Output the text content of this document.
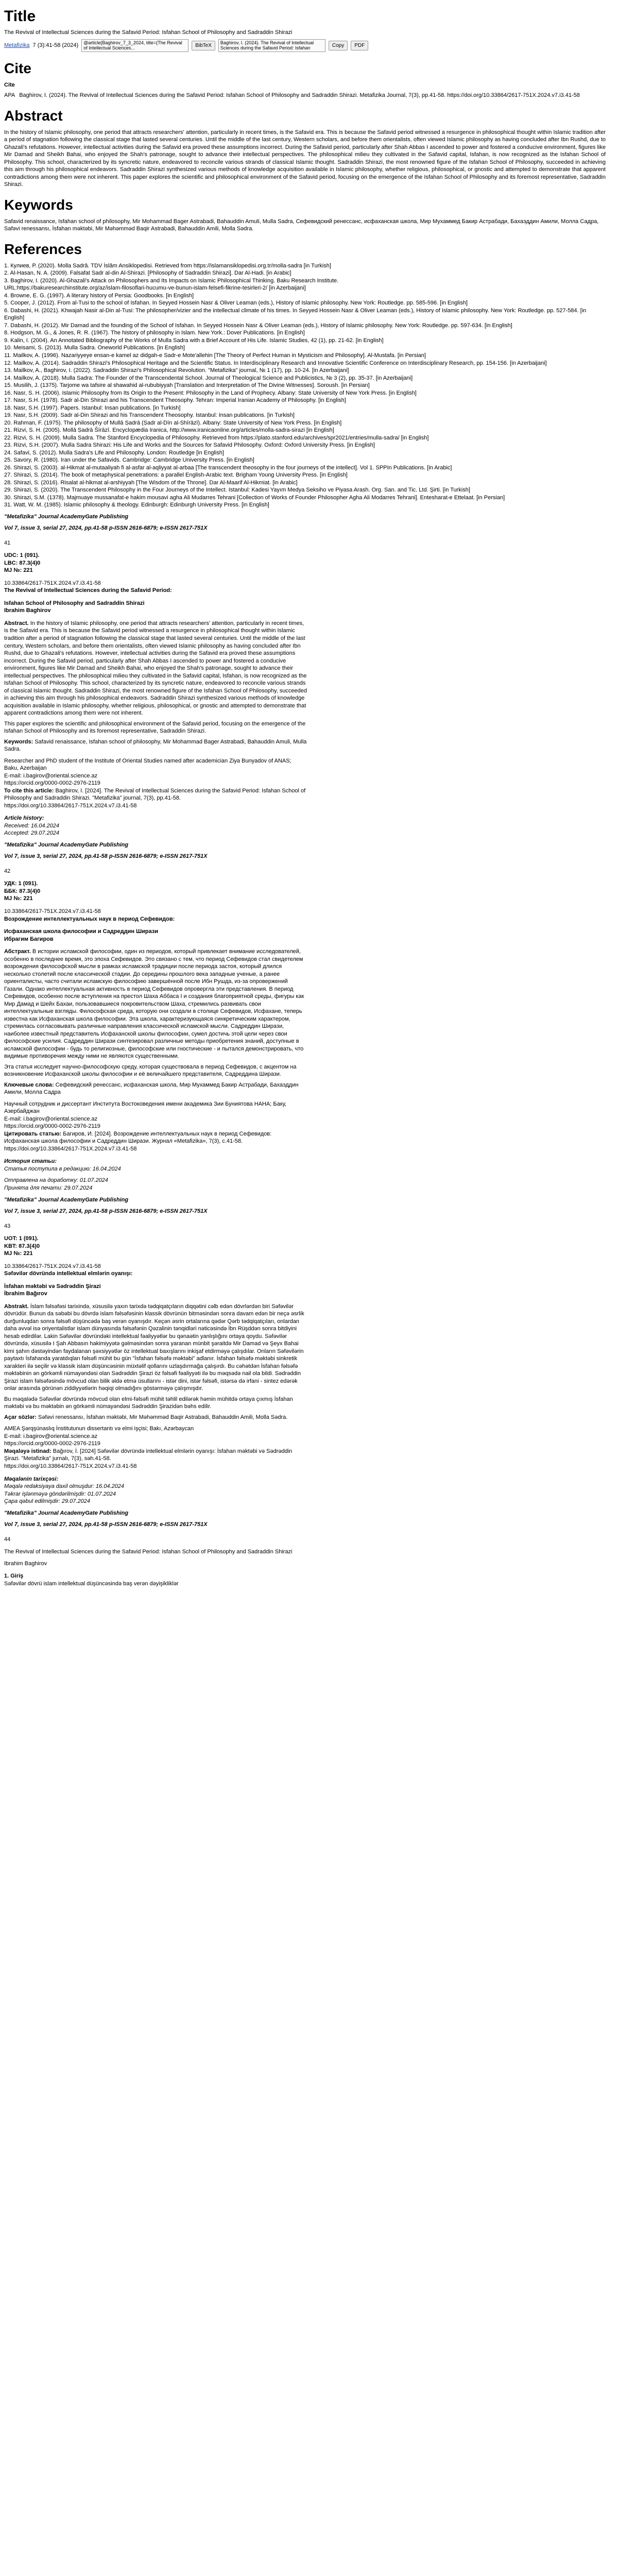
Title
The Revival of Intellectual Sciences during the Safavid Period: Isfahan School of Philosophy and Sadraddin Shirazi
Metafizika 7 (3):41-58 (2024)	@article{Baghirov_7_3_2024, title={The Revival of Intellectual Sciences...	BibTeX	Baghirov, I. (2024). The Revival of Intellectual Sciences during the Safavid Period: Isfahan	Copy	PDF
Cite
Cite
APA Baghirov, I. (2024). The Revival of Intellectual Sciences during the Safavid Period: Isfahan School of Philosophy and Sadraddin Shirazi. Metafizika Journal, 7(3), pp.41-58. https://doi.org/10.33864/2617-751X.2024.v7.i3.41-58
Abstract

In the history of Islamic philosophy, one period that attracts researchers' attention, particularly in recent times, is the Safavid era. This is because the Safavid period witnessed a resurgence in philosophical thought within Islamic tradition after a period of stagnation following the classical stage that lasted several centuries. Until the middle of the last century, Western scholars, and before them orientalists, often viewed Islamic philosophy as having concluded after Ibn Rushd, due to Ghazali's refutations. However, intellectual activities during the Safavid era proved these assumptions incorrect. During the Safavid period, particularly after Shah Abbas I ascended to power and fostered a conducive environment, figures like Mir Damad and Sheikh Bahai, who enjoyed the Shah's patronage, sought to advance their intellectual perspectives. The philosophical milieu they cultivated in the Safavid capital, Isfahan, is now recognized as the Isfahan School of Philosophy. This school, characterized by its syncretic nature, endeavored to reconcile various strands of classical Islamic thought. Sadraddin Shirazi, the most renowned figure of the Isfahan School of Philosophy, succeeded in achieving this aim through his philosophical endeavors. Sadraddin Shirazi synthesized various methods of knowledge acquisition available in Islamic philosophy, whether religious, philosophical, or gnostic and attempted to demonstrate that apparent contradictions among them were not inherent. This paper explores the scientific and philosophical environment of the Safavid period, focusing on the emergence of the Isfahan School of Philosophy and its foremost representative, Sadraddin Shirazi.

Keywords

Safavid renaissance, Isfahan school of philosophy, Mir Mohammad Bager Astrabadi, Bahauddin Amuli, Mulla Sadra, Сефевидский ренессанс, исфаханская школа, Мир Мухаммед Бакир Астрабади, Бахаэддин Амили, Молла Садра, Safəvi renessansı, İsfahan məktəbi, Mir Məhəmməd Baqir Astrabadi, Bahauddin Amili, Molla Sədra.

References
1. Кулиев, Р. (2020). Molla Sadrâ. TDV İslâm Ansiklopedisi. Retrieved from https://islamansiklopedisi.org.tr/molla-sadra [in Turkish]
2. Al-Hasan, N. A. (2009). Falsafat Sadr al-din Al-Shirazi. [Philosophy of Sadraddin Shirazi]. Dar Al-Hadi. [in Arabic]
3. Baghirov, I. (2020). Al-Ghazali's Attack on Philosophers and Its Impacts on Islamic Philosophical Thinking. Baku Research Institute.
URL:https://bakuresearchinstitute.org/az/islam-filosoflari-hucumu-ve-bunun-islam-felsefi-fikrine-tesirleri-2/ [in Azerbaijani]
4. Browne, E. G. (1997). A literary history of Persia: Goodbooks. [in English]
5. Cooper, J. (2012). From al-Tusi to the school of Isfahan. In Seyyed Hossein Nasr & Oliver Leaman (eds.), History of Islamic philosophy. New York: Routledge. pp. 585-596. [in English]
6. Dabashi, H. (2021). Khwajah Nasir al-Din al-Tusi: The philosopher/vizier and the intellectual climate of his times. In Seyyed Hossein Nasr & Oliver Leaman (eds.), History of Islamic philosophy. New York: Routledge. pp. 527-584. [in English]
7. Dabashi, H. (2012). Mir Damad and the founding of the School of Isfahan. In Seyyed Hossein Nasr & Oliver Leaman (eds.), History of Islamic philosophy. New York: Routledge. pp. 597-634. [in English]
8. Hodgson, M. G., & Jones, R. R. (1967). The history of philosophy in Islam. New York.: Dover Publications. [in English]
9. Kalin, I. (2004). An Annotated Bibliography of the Works of Mulla Sadra with a Brief Account of His Life. Islamic Studies, 42 (1), pp. 21-62. [in English]
10. Meisami, S. (2013). Mulla Sadra. Oneworld Publications. [in English]
11. Mailkov, A. (1996). Nazariyyeye ensan-e kamel az didgah-e Sadr-e Mote'allehin [The Theory of Perfect Human in Mysticism and Philosophy]. Al-Mustafa. [in Persian]
12. Mailkov, A. (2014). Sadraddin Shirazi's Philosophical Heritage and the Scientific Status. In Interdisciplinary Research and Innovative Scientific Conference on Interdisciplinary Research, pp. 154-156. [in Azerbaijani]
13. Mailkov, A., Baghirov, I. (2022). Sadraddin Shirazi's Philosophical Revolution. "Metafizika" journal, № 1 (17), pp. 10-24. [in Azerbaijani]
14. Mailkov, A. (2018). Mulla Sadra: The Founder of the Transcendental School. Journal of Theological Science and Publicistics, № 3 (2), pp. 35-37. [in Azerbaijani]
15. Musilih, J. (1375). Tarjome wa tafsire al shawahid al-rububiyyah [Translation and Interpretation of The Divine Witnesses]. Soroush. [in Persian]
16. Nasr, S. H. (2006). Islamic Philosophy from Its Origin to the Present: Philosophy in the Land of Prophecy. Albany: State University of New York Press. [in English]
17. Nasr, S.H. (1978). Sadr al-Din Shirazi and his Transcendent Theosophy. Tehran: Imperial Iranian Academy of Philosophy. [in English]
18. Nasr, S.H. (1997). Papers. Istanbul: Insan publications. [in Turkish]
19. Nasr, S.H. (2009). Sadr al-Din Shirazi and his Transcendent Theosophy. Istanbul: Insan publications. [in Turkish]
20. Rahman, F. (1975). The philosophy of Mullā Ṣadrā (Ṣadr al-Dīn al-Shīrāzī). Albany: State University of New York Press. [in English]
21. Rizvi, S. H. (2005). Mollā Ṣadrā Šīrāzī. Encyclopædia Iranica, http://www.iranicaonline.org/articles/molla-sadra-sirazi [in English]
22. Rizvi, S. H. (2009). Mulla Sadra. The Stanford Encyclopedia of Philosophy. Retrieved from https://plato.stanford.edu/archives/spr2021/entries/mulla-sadra/ [in English]
23. Rizvi, S.H. (2007). Mulla Sadra Shirazi: His Life and Works and the Sources for Safavid Philosophy. Oxford: Oxford University Press. [in English]
24. Safavi, S. (2012). Mulla Sadra's Life and Philosophy. London: Routledge [in English]
25. Savory, R. (1980). Iran under the Safavids. Cambridge: Cambridge University Press. [in English]
26. Shirazi, S. (2003). al-Hikmat al-mutaaliyah fi al-asfar al-aqliyyat al-arbaa [The transcendent theosophy in the four journeys of the intellect]. Vol 1. SPPIn Publications. [in Arabic]
27. Shirazi, S. (2014). The book of metaphysical penetrations: a parallel English-Arabic text. Brigham Young University Press. [in English]
28. Shirazi, S. (2016). Risalat al-hikmat al-arshiyyah [The Wisdom of the Throne]. Dar Al-Maarif Al-Hikmiat. [in Arabic]
29. Shirazi, S. (2020). The Transcendent Philosophy in the Four Journeys of the Intellect. Istanbul: Kadesi Yayım Medya Seksiho ve Piyasa Arash. Org. San. and Tic. Ltd. Şirti. [in Turkish]
30. Shirazi, S.M. (1378). Majmuaye mussanafat-e hakim mousavi agha Ali Mudarres Tehrani [Collection of Works of Founder Philosopher Agha Ali Modarres Tehrani]. Entesharat-e Ettelaat. [in Persian]
31. Watt, W. M. (1985). Islamic philosophy & theology. Edinburgh: Edinburgh University Press. [in English]
"Metafizika" Journal AcademyGate Publishing
Vol 7, issue 3, serial 27, 2024, pp.41-58 p-ISSN 2616-6879; e-ISSN 2617-751X
41
UDC: 1 (091).
LBC: 87.3(4)0
MJ №: 221
10.33864/2617-751X.2024.v7.i3.41-58
The Revival of Intellectual Sciences during the Safavid Period:
Isfahan School of Philosophy and Sadraddin Shirazi
Ibrahim Baghirov

Abstract. In the history of Islamic philosophy, one period that attracts researchers' attention, particularly in recent times, is the Safavid era. This is because the Safavid period witnessed a resurgence in philosophical thought within Islamic tradition after a period of stagnation following the classical stage that lasted several centuries. Until the middle of the last century, Western scholars, and before them orientalists, often viewed Islamic philosophy as having concluded after Ibn Rushd, due to Ghazali's refutations. However, intellectual activities during the Safavid era proved these assumptions incorrect. During the Safavid period, particularly after Shah Abbas I ascended to power and fostered a conducive environment, figures like Mir Damad and Sheikh Bahai, who enjoyed the Shah's patronage, sought to advance their intellectual perspectives. The philosophical milieu they cultivated in the Safavid capital, Isfahan, is now recognized as the Isfahan School of Philosophy. This school, characterized by its syncretic nature, endeavored to reconcile various strands of classical Islamic thought. Sadraddin Shirazi, the most renowned figure of the Isfahan School of Philosophy, succeeded in achieving this aim through his philosophical endeavors. Sadraddin Shirazi synthesized various methods of knowledge acquisition available in Islamic philosophy, whether religious, philosophical, or gnostic and attempted to demonstrate that apparent contradictions among them were not inherent.

This paper explores the scientific and philosophical environment of the Safavid period, focusing on the emergence of the Isfahan School of Philosophy and its foremost representative, Sadraddin Shirazi.

Keywords: Safavid renaissance, Isfahan school of philosophy, Mir Mohammad Bager Astrabadi, Bahauddin Amuli, Mulla Sadra.

Researcher and PhD student of the Institute of Oriental Studies named after academician Ziya Bunyadov of ANAS;
Baku, Azerbaijan
E-mail: i.bagirov@oriental.science.az
https://orcid.org/0000-0002-2976-2119
To cite this article: Baghirov, I. [2024]. The Revival of Intellectual Sciences during the Safavid Period: Isfahan School of Philosophy and Sadraddin Shirazi. "Metafizika" journal, 7(3), pp.41-58.
https://doi.org/10.33864/2617-751X.2024.v7.i3.41-58
Article history:
Received: 16.04.2024
Accepted: 29.07.2024
"Metafizika" Journal AcademyGate Publishing
Vol 7, issue 3, serial 27, 2024, pp.41-58 p-ISSN 2616-6879; e-ISSN 2617-751X
42
УДК: 1 (091).
ББК: 87.3(4)0
MJ №: 221
10.33864/2617-751X.2024.v7.i3.41-58
Возрождение интеллектуальных наук в период Сефевидов:
Исфаханская школа философии и Садреддин Ширази
Ибрагим Багиров

Абстракт. В истории исламской философии, один из периодов, который привлекает внимание исследователей, особенно в последнее время, это эпоха Сефевидов. Это связано с тем, что период Сефевидов стал свидетелем возрождения философской мысли в рамках исламской традиции после периода застоя, который длился несколько столетий после классической стадии. До середины прошлого века западные ученые, а ранее ориенталисты, часто считали исламскую философию завершённой после Ибн Рушда, из-за опровержений Газали. Однако интеллектуальная активность в период Сефевидов опровергла эти представления. В период Сефевидов, особенно после вступления на престол Шаха Аббаса I и создания благоприятной среды, фигуры как Мир Дамад и Шейх Бахаи, пользовавшиеся покровительством Шаха, стремились развивать свои интеллектуальные взгляды. Философская среда, которую они создали в столице Сефевидов, Исфахане, теперь известна как Исфаханская школа философии. Эта школа, характеризующаяся синкретическим характером, стремилась согласовывать различные направления классической исламской мысли. Садреддин Ширази, наиболее известный представитель Исфаханской школы философии, сумел достичь этой цели через свои философские усилия. Садреддин Ширази синтезировал различные методы приобретения знаний, доступные в исламской философии - будь то религиозные, философские или гностические - и пытался демонстрировать, что видимые противоречия между ними не являются существенными.

Эта статья исследует научно-философскую среду, которая существовала в период Сефевидов, с акцентом на возникновение Исфаханской школы философии и её величайшего представителя, Садреддина Ширази.

Ключевые слова: Сефевидский ренессанс, исфаханская школа, Мир Мухаммед Бакир Астрабади, Бахаэддин Амили, Молла Садра

Научный сотрудник и диссертант Института Востоковедения имени академика Зии Буниятова НАНА; Баку, Азербайджан
E-mail: i.bagirov@oriental.science.az
https://orcid.org/0000-0002-2976-2119
Цитировать статью: Багиров, И. [2024]. Возрождение интеллектуальных наук в период Сефевидов: Исфаханская школа философии и Садреддин Ширази. Журнал «Metafizika», 7(3), с.41-58.
https://doi.org/10.33864/2617-751X.2024.v7.i3.41-58
История статьи:
Статья поступила в редакцию: 16.04.2024
Отправлена на доработку: 01.07.2024
Принята для печати: 29.07.2024
"Metafizika" Journal AcademyGate Publishing
Vol 7, issue 3, serial 27, 2024, pp.41-58 p-ISSN 2616-6879; e-ISSN 2617-751X
43
UOT: 1 (091).
KBT: 87.3(4)0
MJ №: 221
10.33864/2617-751X.2024.v7.i3.41-58
Səfəvilər dövründə intellektual elmlərin oyanışı:
İsfahan məktəbi və Sədrəddin Şirazi
İbrahim Bağırov

Abstrakt. İslam fəlsəfəsi tarixində, xüsusilə yaxın tarixdə tədqiqatçıların diqqətini cəlb edən dövrlərdən biri Səfəvilər dövrüdür. Bunun da səbəbi bu dövrdə islam fəlsəfəsinin klassik dövrünün bitməsindən sonra davam edən bir neçə əsrlik durğunluqdan sonra fəlsəfi düşüncədə baş verən oyanışdır. Keçən əsrin ortalarına qədər Qərb tədqiqatçıları, onlardan daha əvvəl isə oriyentalistlər islam dünyasında fəlsəfənin Qəzalinin tənqidləri nəticəsində İbn Rüşddən sonra bitdiyini hesab edirdilər. Lakin Səfəvilər dövründəki intellektual fəaliyyətlər bu qənaətin yanlışlığını ortaya qoydu. Səfəvilər dövründə, xüsusilə I Şah Abbasın hakimiyyətə gəlməsindən sonra yaranan münbit şəraitdə Mir Damad və Şeyx Bahai kimi şahın dəstəyindən faydalanan şəxsiyyətlər öz intellektual baxışlarını inkişaf etdirməyə çalışdılar. Onların Səfəvilərin paytaxtı İsfahanda yaratdıqları fəlsəfi mühit bu gün "İsfahan fəlsəfə məktəbi" adlanır. İsfahan fəlsəfə məktəbi sinkretik xarakteri ilə seçilir və klassik islam düşüncəsinin müxtəlif qollarını uzlaşdırmağa çalışırdı. Bu cəhətdən İsfahan fəlsəfə məktəbinin ən görkəmli nümayəndəsi olan Sədrəddin Şirazi öz fəlsəfi fəaliyyəti ilə bu məqsədə nail ola bildi. Sədrəddin Şirazi islam fəlsəfəsində mövcud olan bilik əldə etmə üsullarını - istər dini, istər fəlsəfi, istərsə də irfani - sintez edərək onlar arasında görünən ziddiyyətlərin həqiqi olmadığını göstərməyə çalışmışdır.

Bu məqalədə Səfəvilər dövründə mövcud olan elmi-fəlsəfi mühit təhlil edilərək həmin mühitdə ortaya çıxmış İsfahan məktəbi və bu məktəbin ən görkəmli nümayəndəsi Sədrəddin Şirazidən bəhs edilir.

Açar sözlər: Səfəvi renessansı, İsfahan məktəbi, Mir Məhəmməd Baqir Astrabadi, Bahauddin Amili, Molla Sədra.

AMEA Şərqşünaslıq İnstitutunun dissertantı və elmi işçisi; Bakı, Azərbaycan
E-mail: i.bagirov@oriental.science.az
https://orcid.org/0000-0002-2976-2119
Məqaləyə istinad: Bağırov, İ. [2024] Səfəvilər dövründə intellektual elmlərin oyanışı: İsfahan məktəbi və Sədrəddin Şirazi. "Metafizika" jurnalı, 7(3), səh.41-58.
https://doi.org/10.33864/2617-751X.2024.v7.i3.41-58
Məqalənin tarixçəsi:
Məqalə redaksiyaya daxil olmuşdur: 16.04.2024
Təkrar işlənməyə göndərilmişdir: 01.07.2024
Çapa qəbul edilmişdir: 29.07.2024
"Metafizika" Journal AcademyGate Publishing
Vol 7, issue 3, serial 27, 2024, pp.41-58 p-ISSN 2616-6879; e-ISSN 2617-751X
44
The Revival of Intellectual Sciences during the Safavid Period: Isfahan School of Philosophy and Sadraddin Shirazi
Ibrahim Baghirov
1. Giriş
Səfəvilər dövrü islam intellektual düşüncəsində baş verən dəyişikliklər
